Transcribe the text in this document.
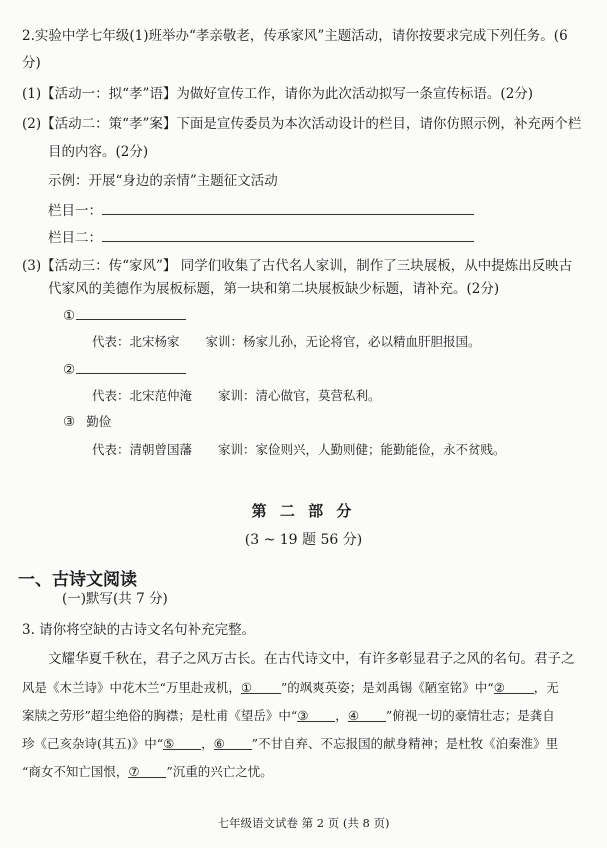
2.实验中学七年级(1)班举办“孝亲敬老，传承家风”主题活动，请你按要求完成下列任务。(6
分)
(1)【活动一：拟“孝”语】为做好宣传工作，请你为此次活动拟写一条宣传标语。(2分)
(2)【活动二：策“孝”案】下面是宣传委员为本次活动设计的栏目，请你仿照示例，补充两个栏
目的内容。(2分)
示例：开展“身边的亲情”主题征文活动
栏目一：
栏目二：
(3)【活动三：传“家风”】 同学们收集了古代名人家训，制作了三块展板，从中提炼出反映古
代家风的美德作为展板标题，第一块和第二块展板缺少标题，请补充。(2分)
①
代表：北宋杨家 家训：杨家儿孙，无论将官，必以精血肝胆报国。
②
代表：北宋范仲淹 家训：清心做官，莫营私利。
③ 勤俭
代表：清朝曾国藩 家训：家俭则兴，人勤则健；能勤能俭，永不贫贱。
第 二 部 分
(3 ~ 19 题 56 分)
一、古诗文阅读
(一)默写(共 7 分)
3. 请你将空缺的古诗文名句补充完整。
文耀华夏千秋在，君子之风万古长。在古代诗文中，有许多彰显君子之风的名句。君子之
风是《木兰诗》中花木兰“万里赴戎机，① ”的飒爽英姿；是刘禹锡《陋室铭》中“② ，无
案牍之劳形”超尘绝俗的胸襟；是杜甫《望岳》中“③ ，④ ”俯视一切的豪情壮志；是龚自
珍《己亥杂诗(其五)》中“⑤ ，⑥ ”不甘自弃、不忘报国的献身精神；是杜牧《泊秦淮》里
“商女不知亡国恨，⑦ ”沉重的兴亡之忧。
七年级语文试卷 第 2 页 (共 8 页)
